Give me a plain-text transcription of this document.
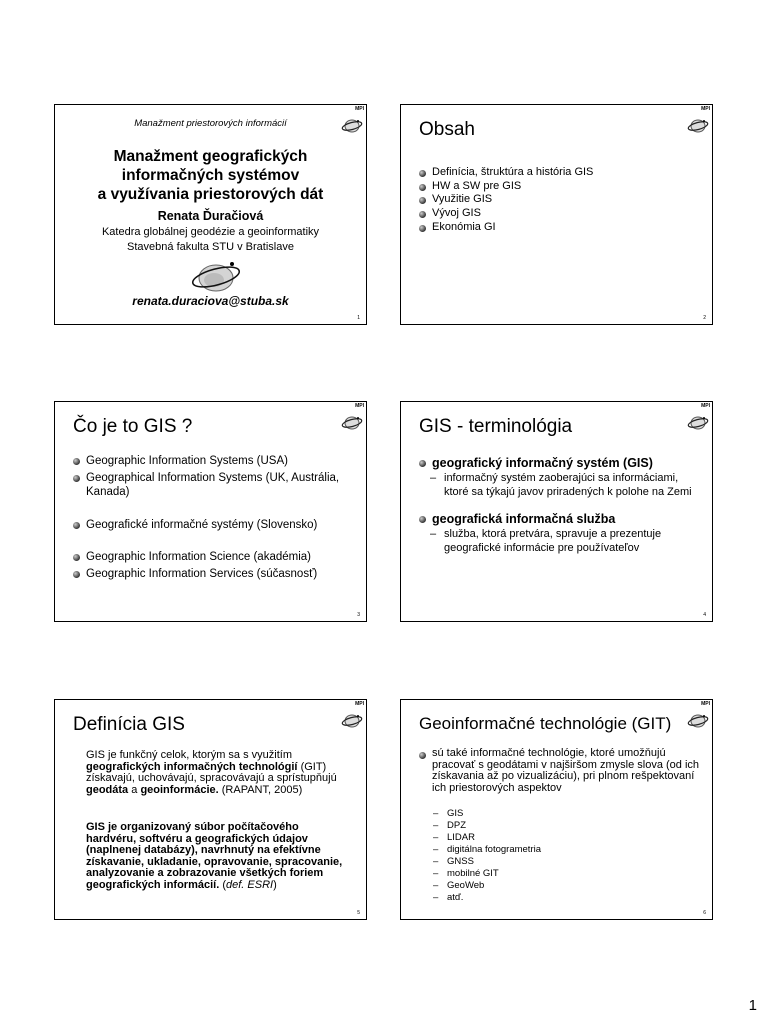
MPI
Manažment priestorových informácií
Manažment geografických
informačných systémov
a využívania priestorových dát
Renata Ďuračiová
Katedra globálnej geodézie a geoinformatiky
Stavebná fakulta STU v Bratislave
renata.duraciova@stuba.sk
1
MPI
Obsah
Definícia, štruktúra a história GIS
HW a SW pre GIS
Využitie GIS
Vývoj GIS
Ekonómia GI
2
MPI
Čo je to GIS ?
Geographic Information Systems (USA)
Geographical Information Systems (UK, Austrália, Kanada)
Geografické informačné systémy (Slovensko)
Geographic Information Science (akadémia)
Geographic Information Services (súčasnosť)
3
MPI
GIS - terminológia
geografický informačný systém (GIS)
– informačný systém zaoberajúci sa informáciami, ktoré sa týkajú javov priradených k polohe na Zemi
geografická informačná služba
– služba, ktorá pretvára, spravuje a prezentuje geografické informácie pre používateľov
4
MPI
Definícia GIS
GIS je funkčný celok, ktorým sa s využitím geografických informačných technológií (GIT) získavajú, uchovávajú, spracovávajú a sprístupňujú geodáta a geoinformácie. (RAPANT, 2005)
GIS je organizovaný súbor počítačového hardvéru, softvéru a geografických údajov (naplnenej databázy), navrhnutý na efektívne získavanie, ukladanie, opravovanie, spracovanie, analyzovanie a zobrazovanie všetkých foriem geografických informácií. (def. ESRI)
5
MPI
Geoinformačné technológie (GIT)
sú také informačné technológie, ktoré umožňujú pracovať s geodátami v najširšom zmysle slova (od ich získavania až po vizualizáciu), pri plnom rešpektovaní ich priestorových aspektov
– GIS
– DPZ
– LIDAR
– digitálna fotogrametria
– GNSS
– mobilné GIT
– GeoWeb
– atď.
6
1
